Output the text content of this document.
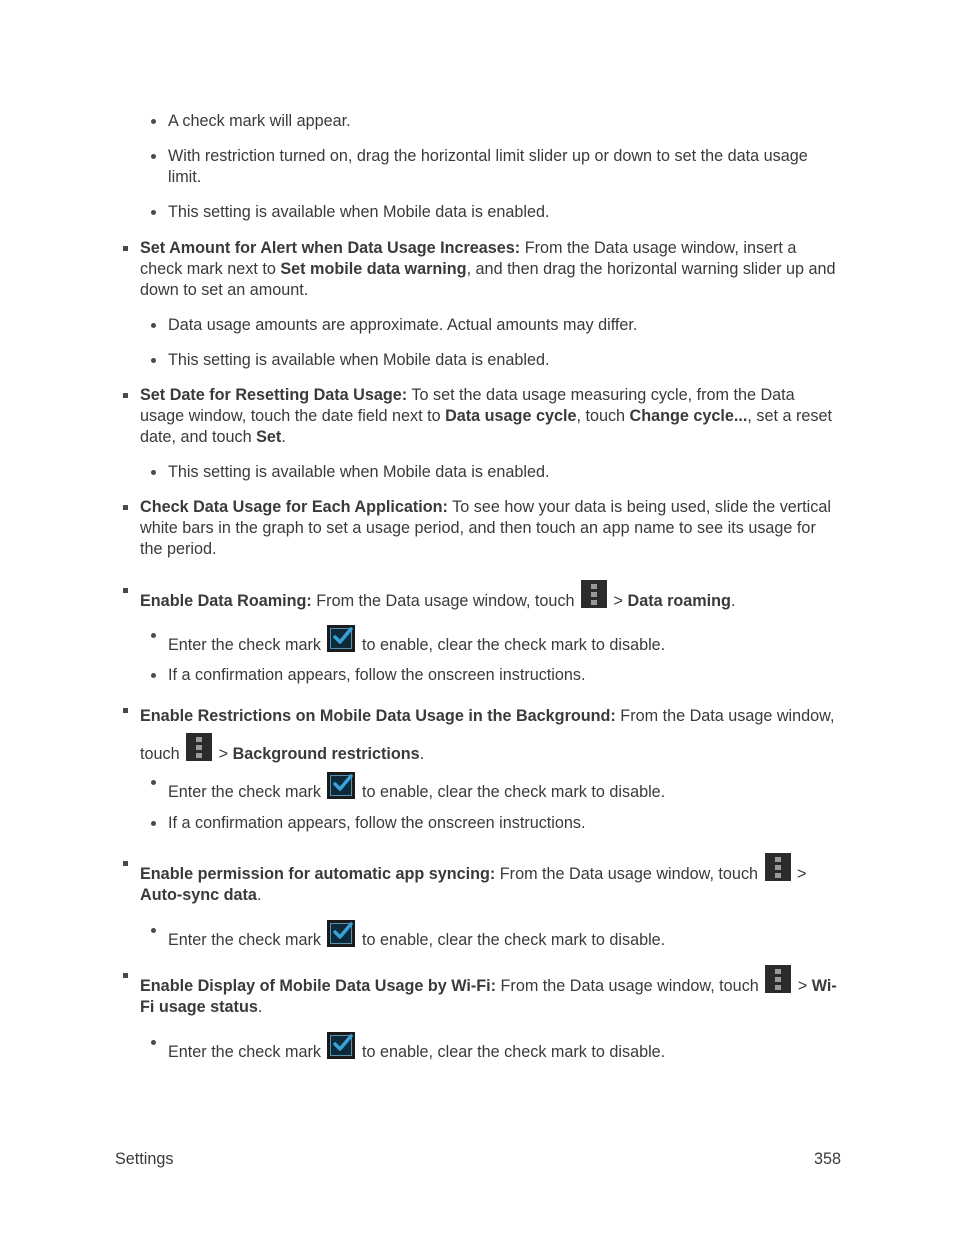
A check mark will appear.
With restriction turned on, drag the horizontal limit slider up or down to set the data usage limit.
This setting is available when Mobile data is enabled.
Set Amount for Alert when Data Usage Increases: From the Data usage window, insert a check mark next to Set mobile data warning, and then drag the horizontal warning slider up and down to set an amount.
Data usage amounts are approximate. Actual amounts may differ.
This setting is available when Mobile data is enabled.
Set Date for Resetting Data Usage: To set the data usage measuring cycle, from the Data usage window, touch the date field next to Data usage cycle, touch Change cycle..., set a reset date, and touch Set.
This setting is available when Mobile data is enabled.
Check Data Usage for Each Application: To see how your data is being used, slide the vertical white bars in the graph to set a usage period, and then touch an app name to see its usage for the period.
Enable Data Roaming: From the Data usage window, touch
> Data roaming.
Enter the check mark
to enable, clear the check mark to disable.
If a confirmation appears, follow the onscreen instructions.
Enable Restrictions on Mobile Data Usage in the Background: From the Data usage window, touch
> Background restrictions.
Enter the check mark
to enable, clear the check mark to disable.
If a confirmation appears, follow the onscreen instructions.
Enable permission for automatic app syncing: From the Data usage window, touch
> Auto-sync data.
Enter the check mark
to enable, clear the check mark to disable.
Enable Display of Mobile Data Usage by Wi-Fi: From the Data usage window, touch
> Wi-Fi usage status.
Enter the check mark
to enable, clear the check mark to disable.
Settings	358
